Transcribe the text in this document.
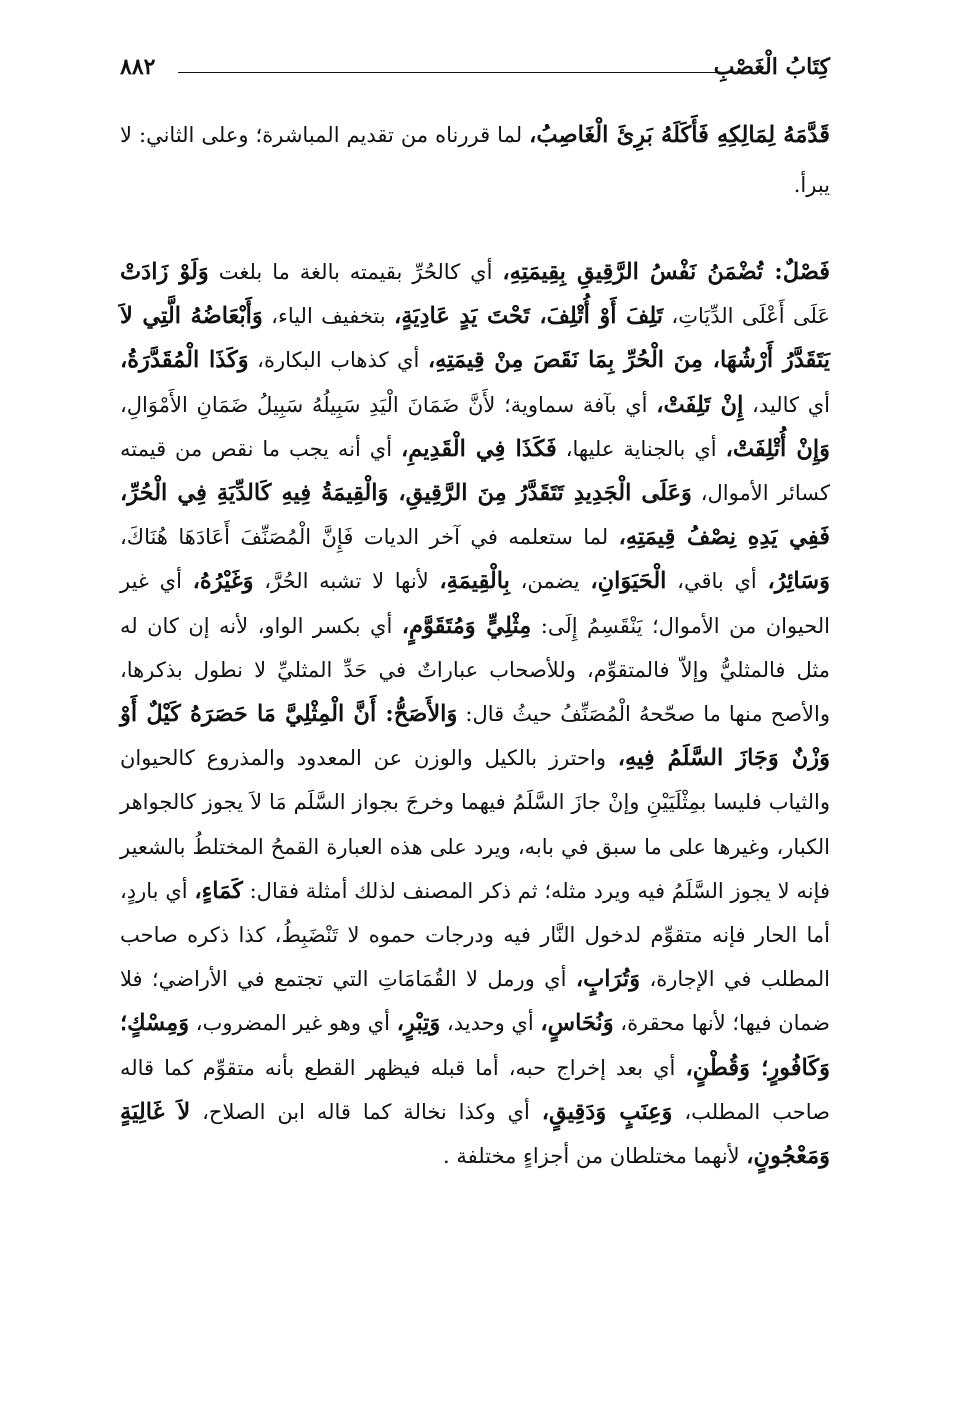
كِتَابُ الْغَصْبِ
٨٨٢

قَدَّمَهُ لِمَالِكِهِ فَأَكَلَهُ بَرِئَ الْغَاصِبُ، لما قررناه من تقديم المباشرة؛ وعلى الثاني: لا يبرأ.

فَصْلٌ: تُضْمَنُ نَفْسُ الرَّقِيقِ بِقِيمَتِهِ، أي كالحُرِّ بقيمته بالغة ما بلغت وَلَوْ زَادَتْ عَلَى أَعْلَى الدِّيَاتِ، تَلِفَ أَوْ أُتْلِفَ، تَحْتَ يَدٍ عَادِيَةٍ، بتخفيف الياء، وَأَبْعَاضُهُ الَّتِي لاَ يَتَقَدَّرُ أَرْشُهَا، مِنَ الْحُرِّ بِمَا نَقَصَ مِنْ قِيمَتِهِ، أي كذهاب البكارة، وَكَذَا الْمُقَدَّرَةُ، أي كاليد، إِنْ تَلِفَتْ، أي بآفة سماوية؛ لأَنَّ ضَمَانَ الْيَدِ سَبِيلُهُ سَبِيلُ ضَمَانِ الأَمْوَالِ، وَإِنْ أُتْلِفَتْ، أي بالجناية عليها، فَكَذَا فِي الْقَدِيمِ، أي أنه يجب ما نقص من قيمته كسائر الأموال، وَعَلَى الْجَدِيدِ تَتَقَدَّرُ مِنَ الرَّقِيقِ، وَالْقِيمَةُ فِيهِ كَالدِّيَةِ فِي الْحُرِّ، فَفِي يَدِهِ نِصْفُ قِيمَتِهِ، لما ستعلمه في آخر الديات فَإِنَّ الْمُصَنِّفَ أَعَادَهَا هُنَاكَ، وَسَائِرُ، أي باقي، الْحَيَوَانِ، يضمن، بِالْقِيمَةِ، لأنها لا تشبه الحُرَّ، وَغَيْرُهُ، أي غير الحيوان من الأموال؛ يَنْقَسِمُ إِلَى: مِثْلِيٍّ وَمُتَقَوَّمٍ، أي بكسر الواو، لأنه إن كان له مثل فالمثليُّ وإلاّ فالمتقوِّم، وللأصحاب عباراتٌ في حَدِّ المثليِّ لا نطول بذكرها، والأصح منها ما صحّحهُ الْمُصَنِّفُ حيثُ قال: وَالأَصَحُّ: أَنَّ الْمِثْلِيَّ مَا حَصَرَهُ كَيْلٌ أَوْ وَزْنٌ وَجَازَ السَّلَمُ فِيهِ، واحترز بالكيل والوزن عن المعدود والمذروع كالحيوان والثياب فليسا بمِثْلَيَيْنِ وإنْ جازَ السَّلَمُ فيهما وخرجَ بجواز السَّلَم مَا لاَ يجوز كالجواهر الكبار، وغيرها على ما سبق في بابه، ويرد على هذه العبارة القمحُ المختلطُ بالشعير فإنه لا يجوز السَّلَمُ فيه ويرد مثله؛ ثم ذكر المصنف لذلك أمثلة فقال: كَمَاءٍ، أي باردٍ، أما الحار فإنه متقوِّم لدخول النَّار فيه ودرجات حموه لا تَنْضَبِطُ، كذا ذكره صاحب المطلب في الإجارة، وَتُرَابٍ، أي ورمل لا القُمَامَاتِ التي تجتمع في الأراضي؛ فلا ضمان فيها؛ لأنها محقرة، وَنُحَاسٍ، أي وحديد، وَتِبْرٍ، أي وهو غير المضروب، وَمِسْكٍ؛ وَكَافُورٍ؛ وَقُطْنٍ، أي بعد إخراج حبه، أما قبله فيظهر القطع بأنه متقوِّم كما قاله صاحب المطلب، وَعِنَبٍ وَدَقِيقٍ، أي وكذا نخالة كما قاله ابن الصلاح، لاَ غَالِيَةٍ وَمَعْجُونٍ، لأنهما مختلطان من أجزاءٍ مختلفة .
